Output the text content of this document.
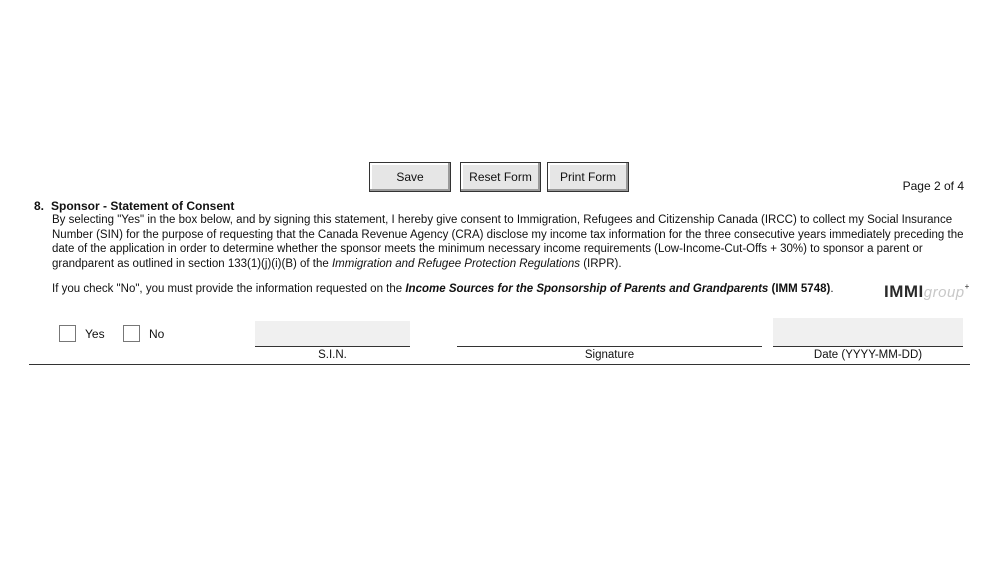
Save	Reset Form	Print Form
Page 2 of 4
8. Sponsor - Statement of Consent
By selecting "Yes" in the box below, and by signing this statement, I hereby give consent to Immigration, Refugees and Citizenship Canada (IRCC) to collect my Social Insurance Number (SIN) for the purpose of requesting that the Canada Revenue Agency (CRA) disclose my income tax information for the three consecutive years immediately preceding the date of the application in order to determine whether the sponsor meets the minimum necessary income requirements (Low-Income-Cut-Offs + 30%) to sponsor a parent or grandparent as outlined in section 133(1)(j)(i)(B) of the Immigration and Refugee Protection Regulations (IRPR).
If you check "No", you must provide the information requested on the Income Sources for the Sponsorship of Parents and Grandparents (IMM 5748).	IMMIgroup+
Yes	No
S.I.N.	Signature	Date (YYYY-MM-DD)
